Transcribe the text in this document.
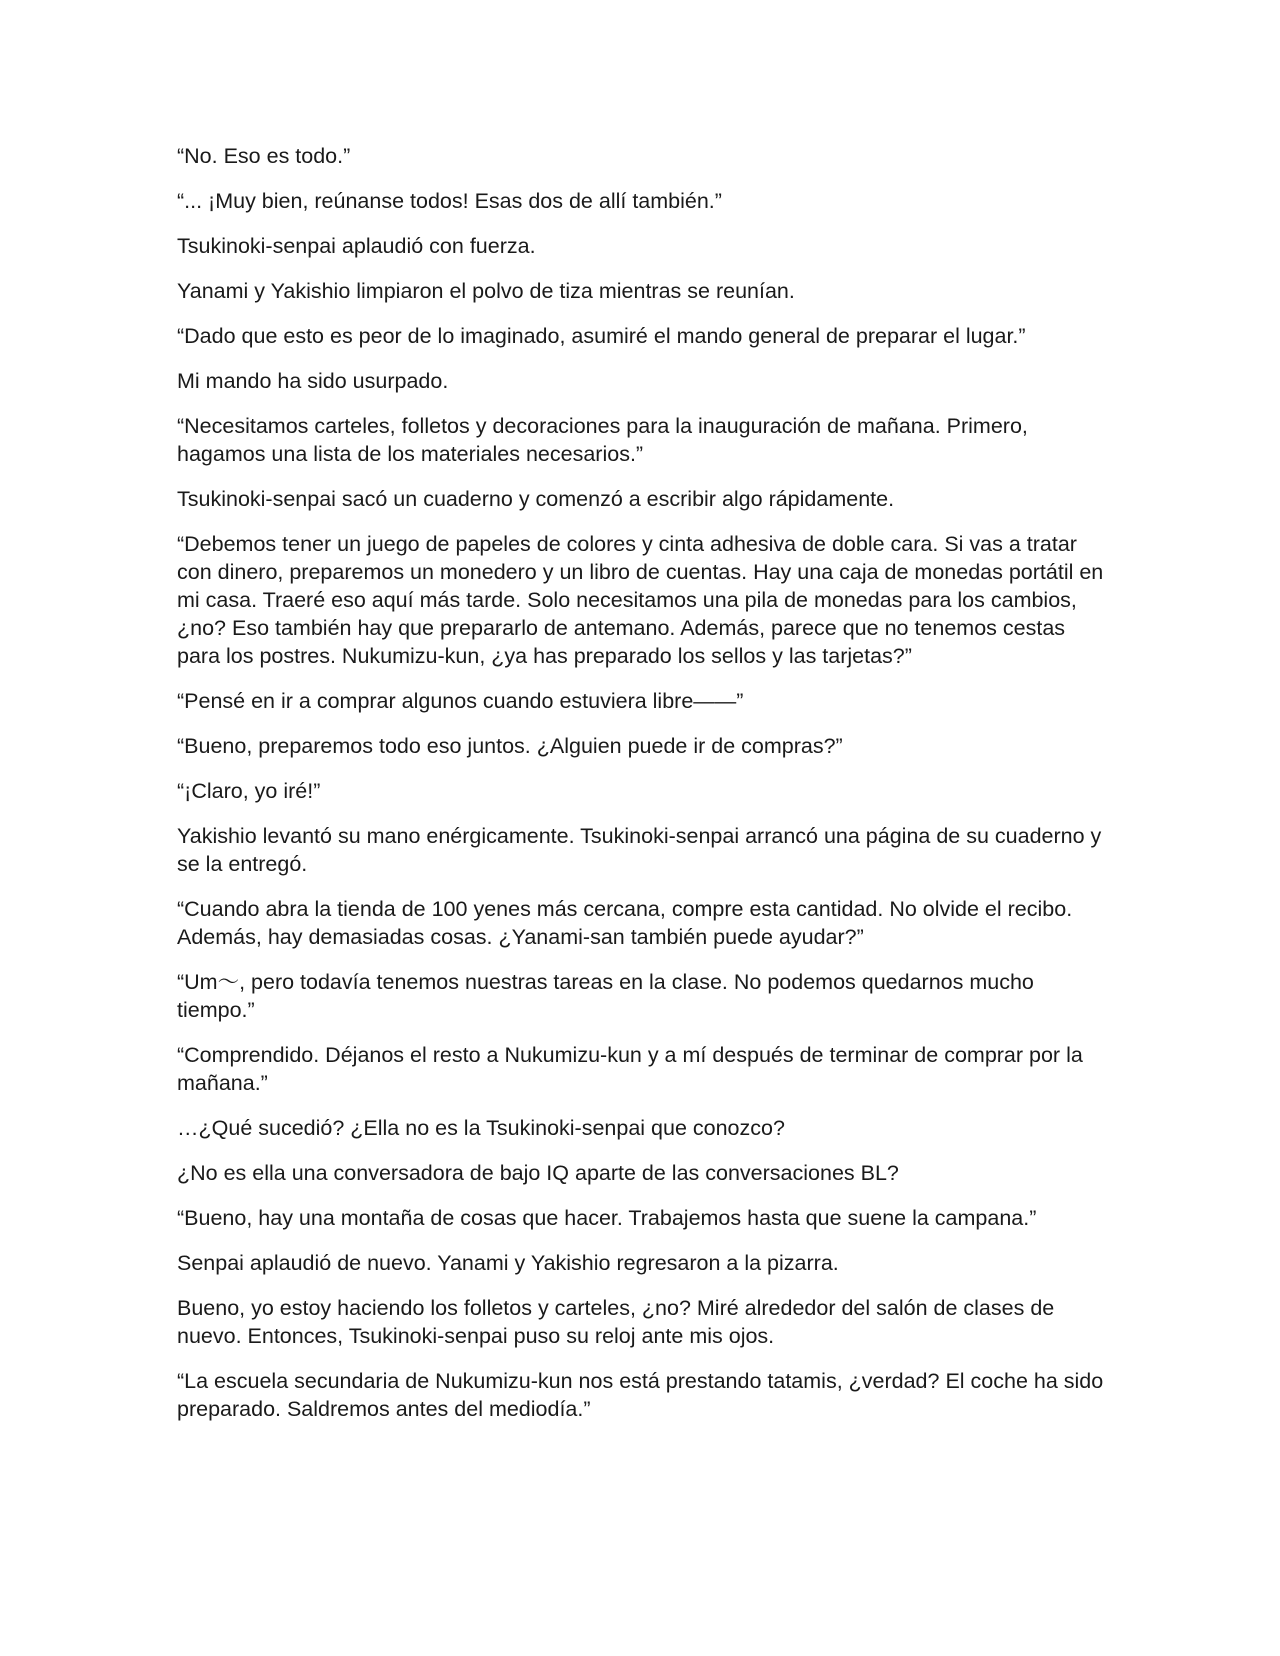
“No. Eso es todo.”

“... ¡Muy bien, reúnanse todos! Esas dos de allí también.”

Tsukinoki-senpai aplaudió con fuerza.

Yanami y Yakishio limpiaron el polvo de tiza mientras se reunían.

“Dado que esto es peor de lo imaginado, asumiré el mando general de preparar el lugar.”

Mi mando ha sido usurpado.

“Necesitamos carteles, folletos y decoraciones para la inauguración de mañana. Primero, hagamos una lista de los materiales necesarios.”

Tsukinoki-senpai sacó un cuaderno y comenzó a escribir algo rápidamente.

“Debemos tener un juego de papeles de colores y cinta adhesiva de doble cara. Si vas a tratar con dinero, preparemos un monedero y un libro de cuentas. Hay una caja de monedas portátil en mi casa. Traeré eso aquí más tarde. Solo necesitamos una pila de monedas para los cambios, ¿no? Eso también hay que prepararlo de antemano. Además, parece que no tenemos cestas para los postres. Nukumizu-kun, ¿ya has preparado los sellos y las tarjetas?”

“Pensé en ir a comprar algunos cuando estuviera libre——”

“Bueno, preparemos todo eso juntos. ¿Alguien puede ir de compras?”

“¡Claro, yo iré!”

Yakishio levantó su mano enérgicamente. Tsukinoki-senpai arrancó una página de su cuaderno y se la entregó.

“Cuando abra la tienda de 100 yenes más cercana, compre esta cantidad. No olvide el recibo. Además, hay demasiadas cosas. ¿Yanami-san también puede ayudar?”

“Um～, pero todavía tenemos nuestras tareas en la clase. No podemos quedarnos mucho tiempo.”

“Comprendido. Déjanos el resto a Nukumizu-kun y a mí después de terminar de comprar por la mañana.”

…¿Qué sucedió? ¿Ella no es la Tsukinoki-senpai que conozco?

¿No es ella una conversadora de bajo IQ aparte de las conversaciones BL?

“Bueno, hay una montaña de cosas que hacer. Trabajemos hasta que suene la campana.”

Senpai aplaudió de nuevo. Yanami y Yakishio regresaron a la pizarra.

Bueno, yo estoy haciendo los folletos y carteles, ¿no? Miré alrededor del salón de clases de nuevo. Entonces, Tsukinoki-senpai puso su reloj ante mis ojos.

“La escuela secundaria de Nukumizu-kun nos está prestando tatamis, ¿verdad? El coche ha sido preparado. Saldremos antes del mediodía.”
